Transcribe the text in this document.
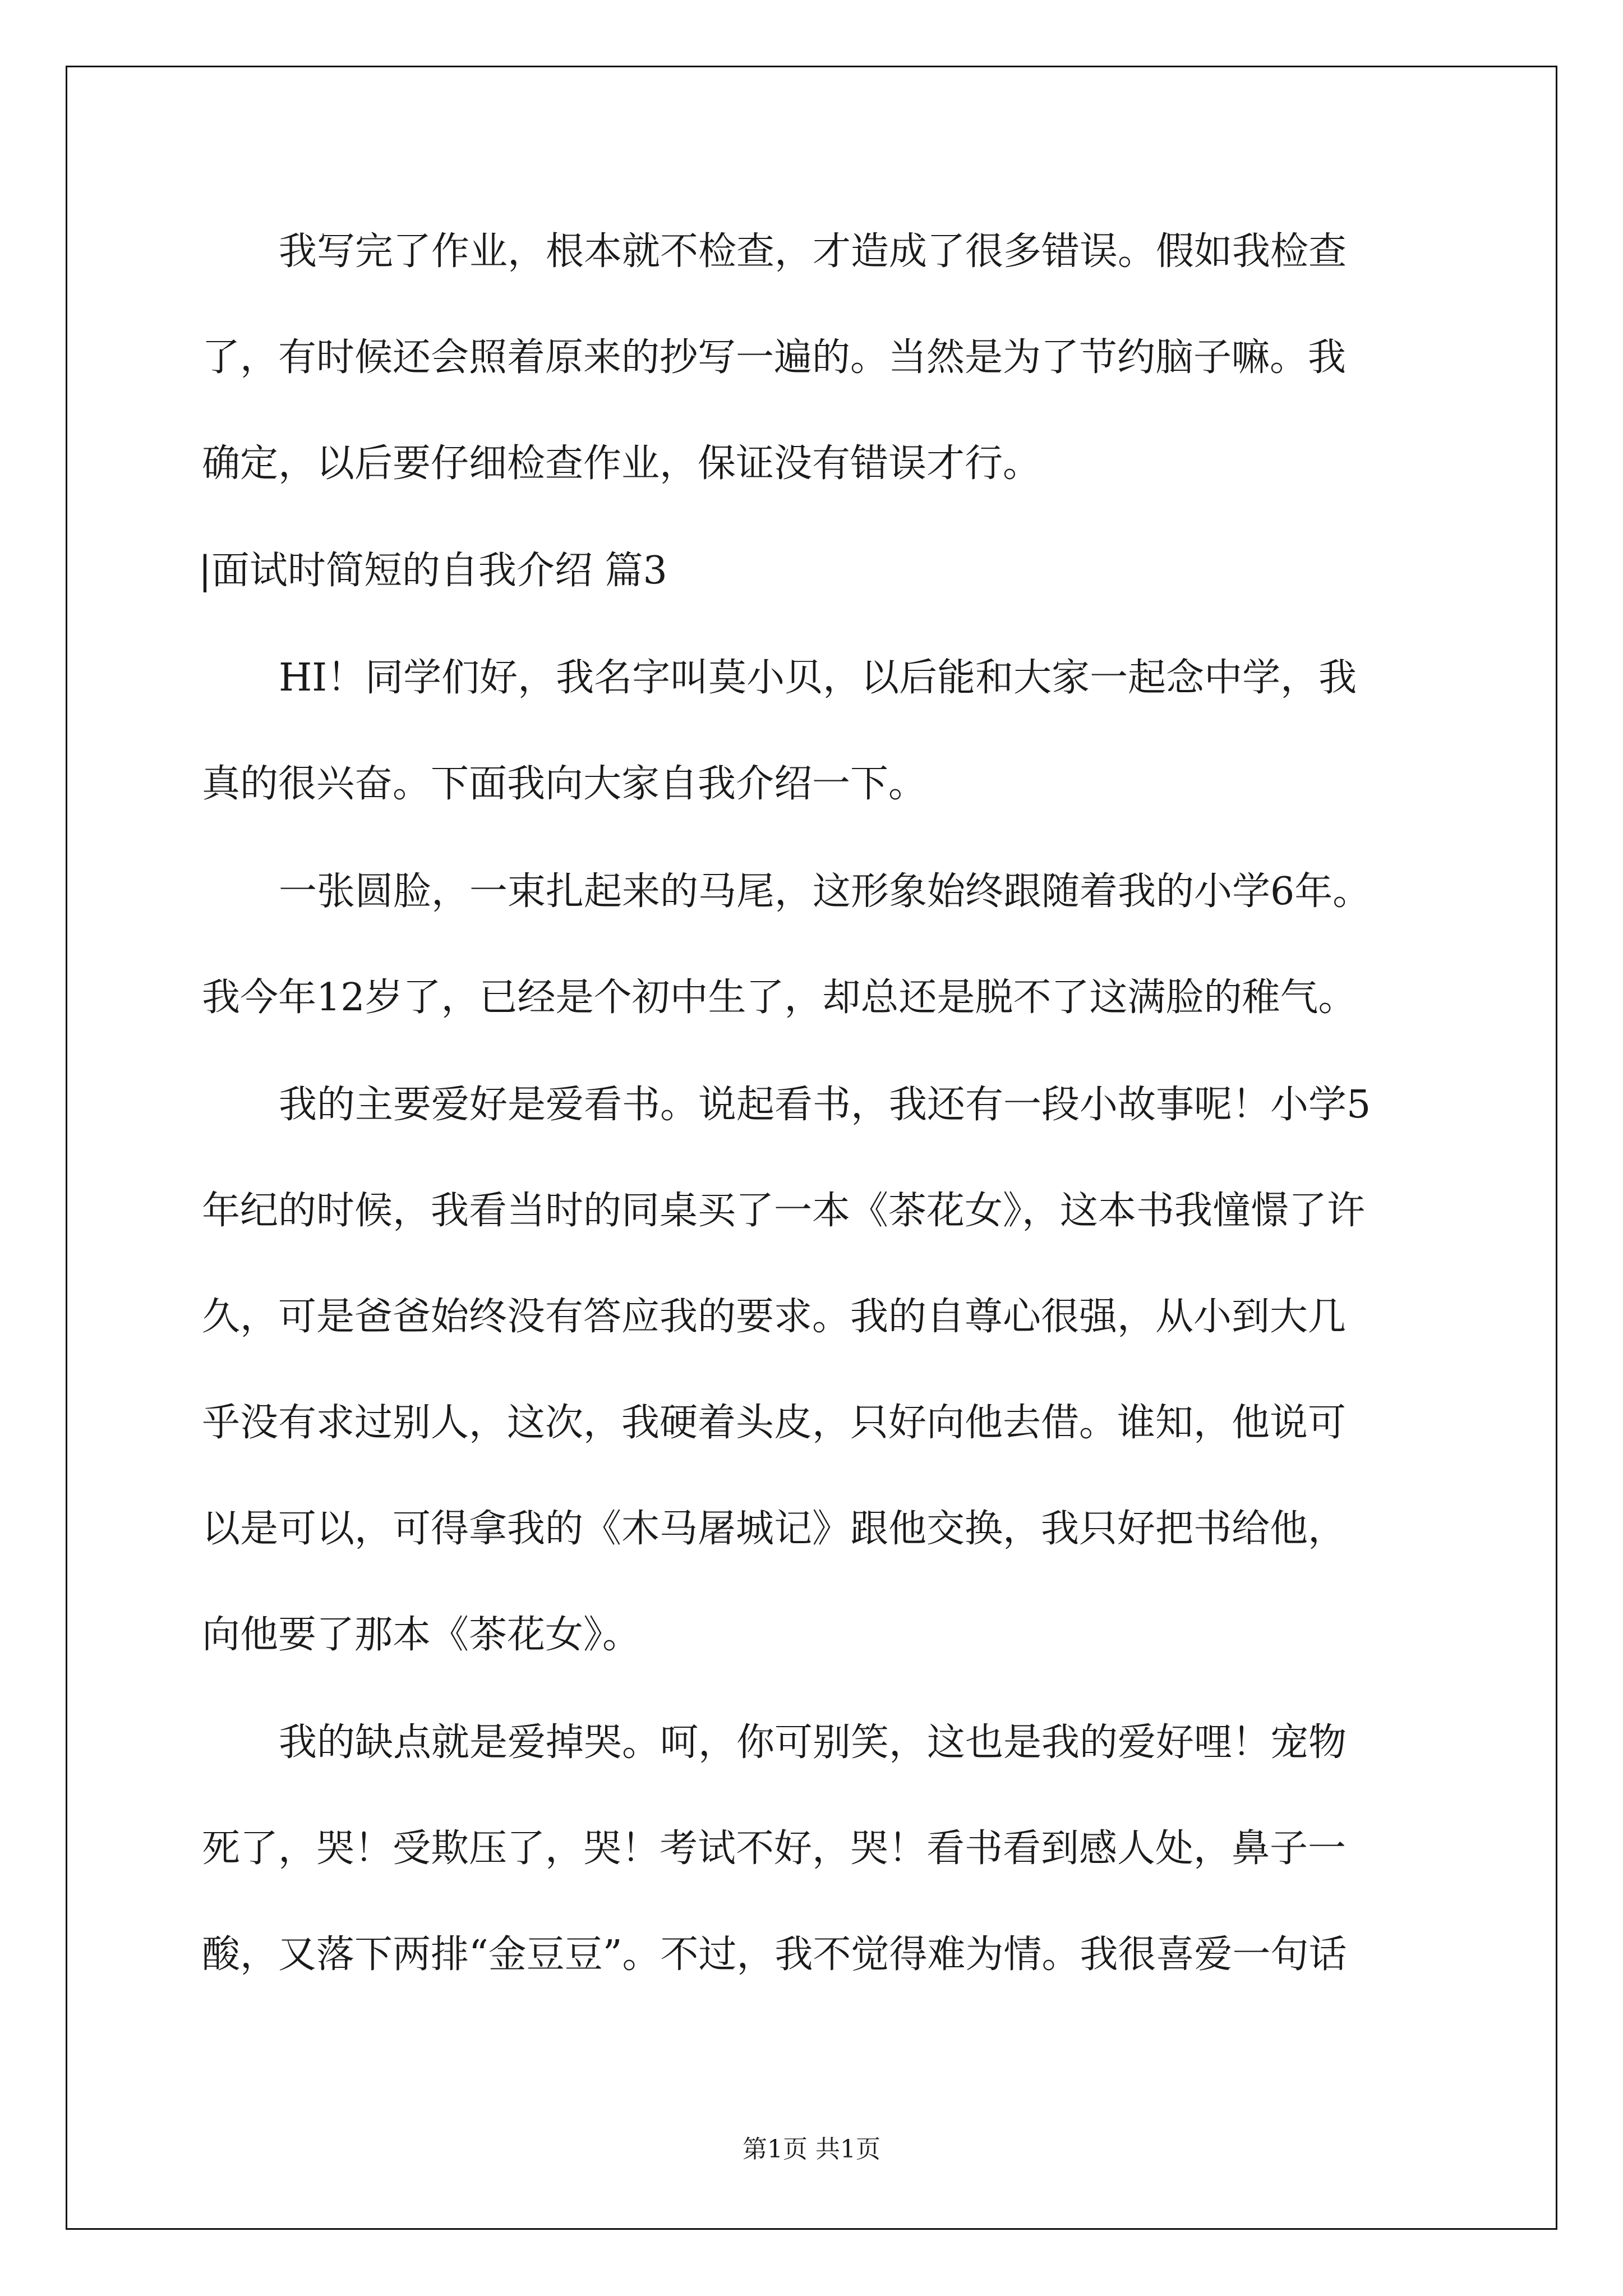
我写完了作业，根本就不检查，才造成了很多错误。假如我检查
了，有时候还会照着原来的抄写一遍的。当然是为了节约脑子嘛。我
确定，以后要仔细检查作业，保证没有错误才行。
|面试时简短的自我介绍 篇3
HI！同学们好，我名字叫莫小贝，以后能和大家一起念中学，我
真的很兴奋。下面我向大家自我介绍一下。
一张圆脸，一束扎起来的马尾，这形象始终跟随着我的小学6年。
我今年12岁了，已经是个初中生了，却总还是脱不了这满脸的稚气。
我的主要爱好是爱看书。说起看书，我还有一段小故事呢！小学5
年纪的时候，我看当时的同桌买了一本《茶花女》，这本书我憧憬了许
久，可是爸爸始终没有答应我的要求。我的自尊心很强，从小到大几
乎没有求过别人，这次，我硬着头皮，只好向他去借。谁知，他说可
以是可以，可得拿我的《木马屠城记》跟他交换，我只好把书给他，
向他要了那本《茶花女》。
我的缺点就是爱掉哭。呵，你可别笑，这也是我的爱好哩！宠物
死了，哭！受欺压了，哭！考试不好，哭！看书看到感人处，鼻子一
酸，又落下两排“金豆豆”。不过，我不觉得难为情。我很喜爱一句话
第1页 共1页
